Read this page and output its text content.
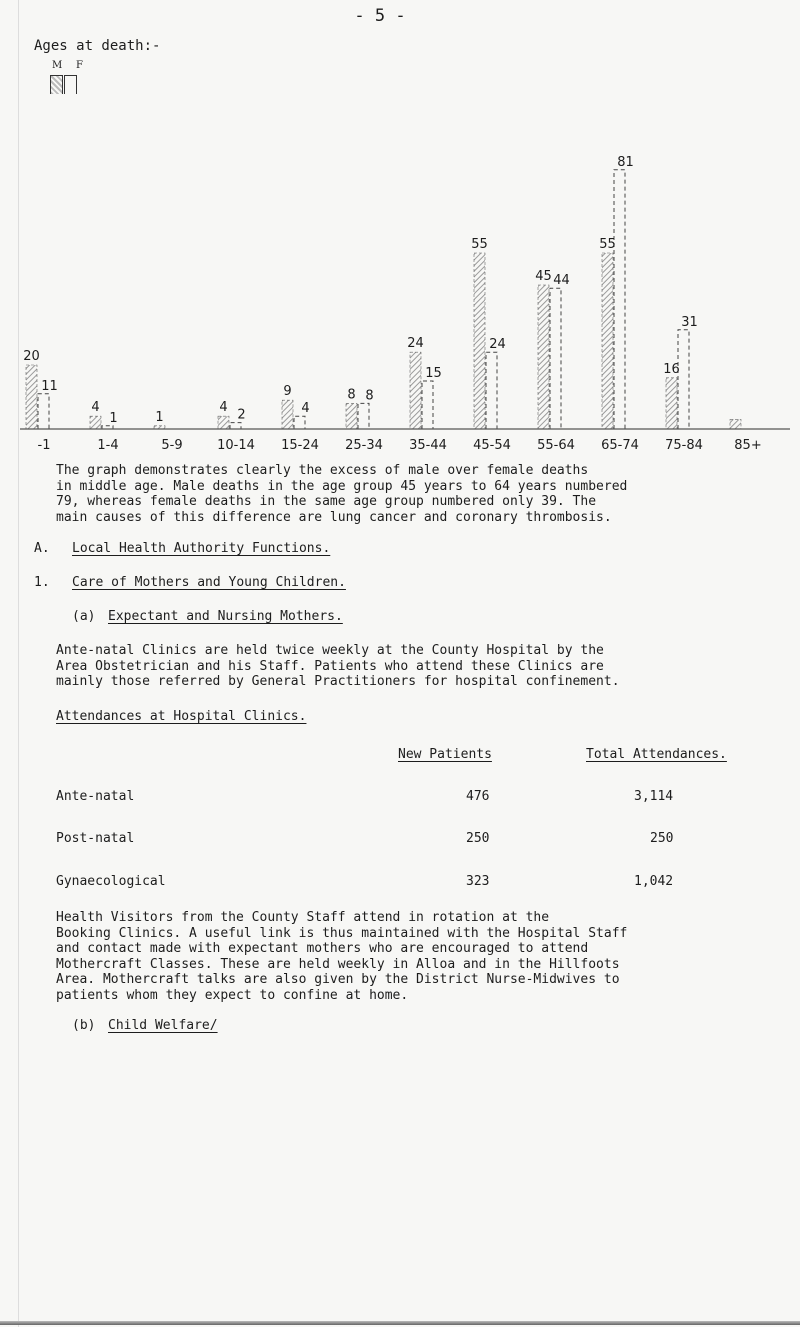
- 5 -
Ages at death:-
M F
20
11
4
1	1
4 2
9
4
8 8
24
15
55
24
45 44
55
81
16
31
-1	1-4	5-9	10-14 15-24 25-34 35-44 45-54 55-64 65-74 75-84 85+
The graph demonstrates clearly the excess of male over female deaths
in middle age. Male deaths in the age group 45 years to 64 years numbered
79, whereas female deaths in the same age group numbered only 39. The
main causes of this difference are lung cancer and coronary thrombosis.
A. Local Health Authority Functions.
1. Care of Mothers and Young Children.
(a) Expectant and Nursing Mothers.
Ante-natal Clinics are held twice weekly at the County Hospital by the
Area Obstetrician and his Staff. Patients who attend these Clinics are
mainly those referred by General Practitioners for hospital confinement.
Attendances at Hospital Clinics.
New Patients	Total Attendances.
Ante-natal	476	3,114
Post-natal	250	250
Gynaecological	323	1,042
Health Visitors from the County Staff attend in rotation at the
Booking Clinics. A useful link is thus maintained with the Hospital Staff
and contact made with expectant mothers who are encouraged to attend
Mothercraft Classes. These are held weekly in Alloa and in the Hillfoots
Area. Mothercraft talks are also given by the District Nurse-Midwives to
patients whom they expect to confine at home.
(b) Child Welfare/
